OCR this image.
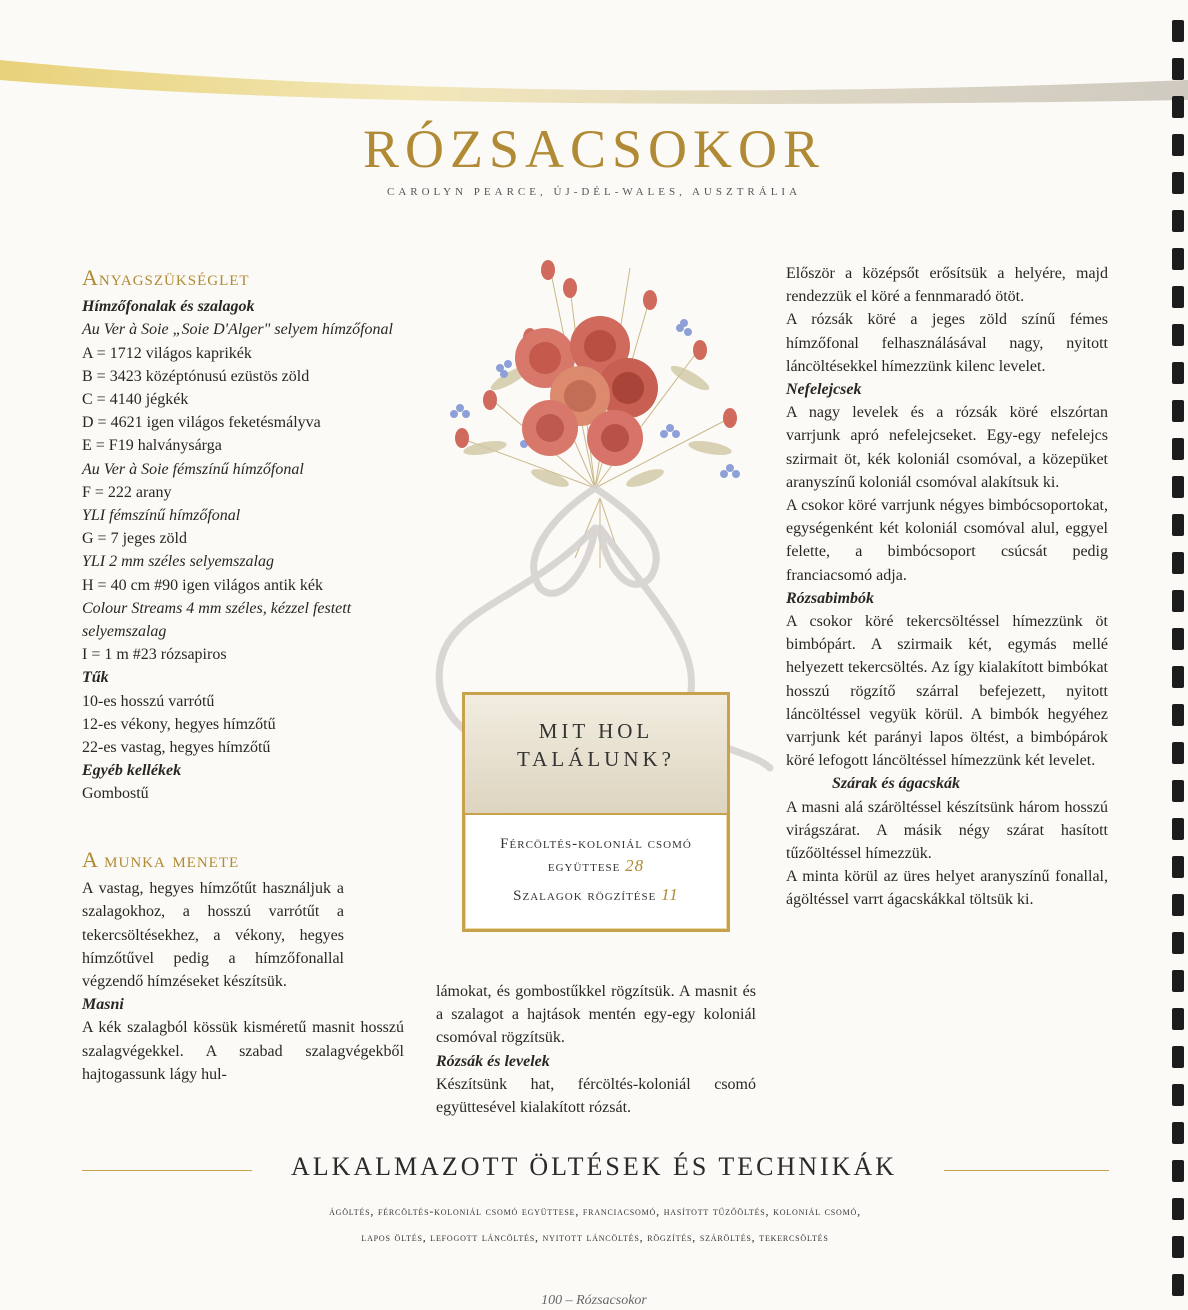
RÓZSACSOKOR
CAROLYN PEARCE, ÚJ-DÉL-WALES, AUSZTRÁLIA
Anyagszükséglet

Hímzőfonalak és szalagok

Au Ver à Soie „Soie D'Alger" selyem hímzőfonal

A = 1712 világos kaprikék

B = 3423 középtónusú ezüstös zöld

C = 4140 jégkék

D = 4621 igen világos feketésmályva

E = F19 halványsárga

Au Ver à Soie fémszínű hímzőfonal

F = 222 arany

YLI fémszínű hímzőfonal

G = 7 jeges zöld

YLI 2 mm széles selyemszalag

H = 40 cm #90 igen világos antik kék

Colour Streams 4 mm széles, kézzel festett selyemszalag

I = 1 m #23 rózsapiros

Tűk

10-es hosszú varrótű

12-es vékony, hegyes hímzőtű

22-es vastag, hegyes hímzőtű

Egyéb kellékek

Gombostű

A munka menete

A vastag, hegyes hímzőtűt használjuk a szalagokhoz, a hosszú varrótűt a tekercsöltésekhez, a vékony, hegyes hímzőtűvel pedig a hímzőfonallal végzendő hímzéseket készítsük.

Masni

A kék szalagból kössük kisméretű masnit hosszú szalagvégekkel. A szabad szalagvégekből hajtogassunk lágy hul-

lámokat, és gombostűkkel rögzítsük. A masnit és a szalagot a hajtások mentén egy-egy koloniál csomóval rögzítsük.

Rózsák és levelek

Készítsünk hat, fércöltés-koloniál csomó együttesével kialakított rózsát.

MIT HOL
TALÁLUNK?

Fércöltés-koloniál csomó együttese 28

Szalagok rögzítése 11

Először a középsőt erősítsük a helyére, majd rendezzük el köré a fennmaradó ötöt.

A rózsák köré a jeges zöld színű fémes hímzőfonal felhasználásával nagy, nyitott láncöltésekkel hímezzünk kilenc levelet.

Nefelejcsek

A nagy levelek és a rózsák köré elszórtan varrjunk apró nefelejcseket. Egy-egy nefelejcs szirmait öt, kék koloniál csomóval, a közepüket aranyszínű koloniál csomóval alakítsuk ki.

A csokor köré varrjunk négyes bimbócsoportokat, egységenként két koloniál csomóval alul, eggyel felette, a bimbócsoport csúcsát pedig franciacsomó adja.

Rózsabimbók

A csokor köré tekercsöltéssel hímezzünk öt bimbópárt. A szirmaik két, egymás mellé helyezett tekercsöltés. Az így kialakított bimbókat hosszú rögzítő szárral befejezett, nyitott láncöltéssel vegyük körül. A bimbók hegyéhez varrjunk két parányi lapos öltést, a bimbópárok köré lefogott láncöltéssel hímezzünk két levelet.

Szárak és ágacskák

A masni alá száröltéssel készítsünk három hosszú virágszárat. A másik négy szárat hasított tűzőöltéssel hímezzük.

A minta körül az üres helyet aranyszínű fonallal, ágöltéssel varrt ágacskákkal töltsük ki.

ALKALMAZOTT ÖLTÉSEK ÉS TECHNIKÁK
ágöltés, fércöltés-koloniál csomó együttese, franciacsomó, hasított tűzőöltés, koloniál csomó,
lapos öltés, lefogott láncöltés, nyitott láncöltés, rögzítés, száröltés, tekercsöltés
100 – Rózsacsokor
